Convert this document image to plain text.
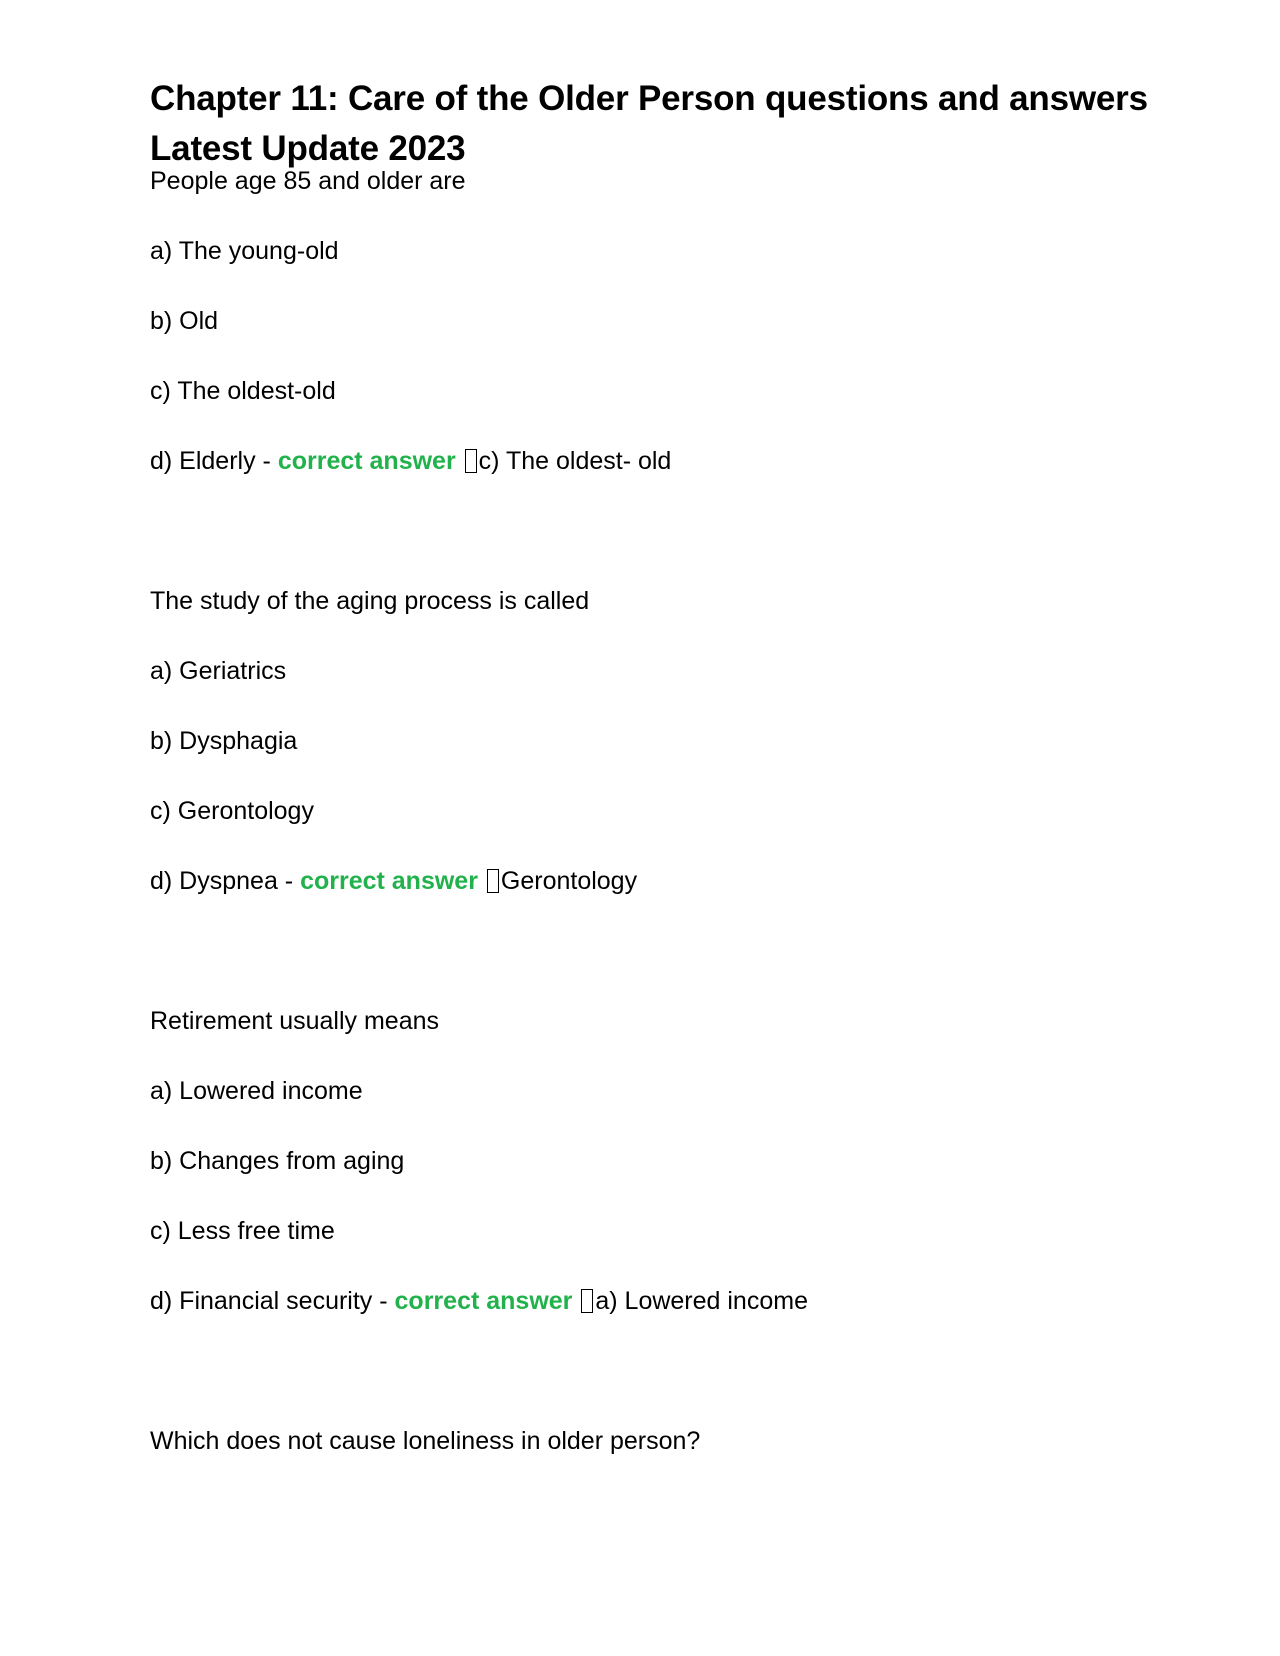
Chapter 11: Care of the Older Person questions and answers Latest Update 2023

People age 85 and older are

a) The young-old

b) Old

c) The oldest-old

d) Elderly - correct answer c) The oldest- old

The study of the aging process is called

a) Geriatrics

b) Dysphagia

c) Gerontology

d) Dyspnea - correct answer Gerontology

Retirement usually means

a) Lowered income

b) Changes from aging

c) Less free time

d) Financial security - correct answer a) Lowered income

Which does not cause loneliness in older person?
